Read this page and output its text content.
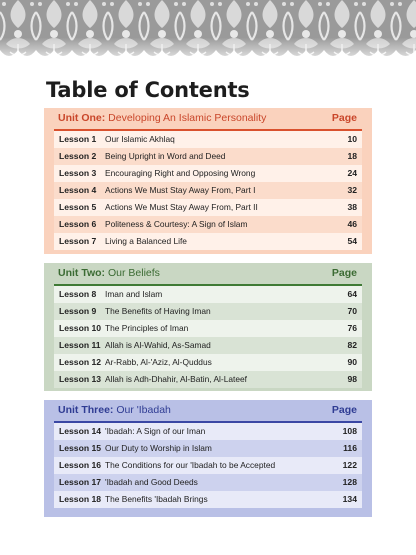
Table of Contents
Unit One: Developing An Islamic Personality	Page
Lesson 1 Our Islamic Akhlaq	10
Lesson 2 Being Upright in Word and Deed	18
Lesson 3 Encouraging Right and Opposing Wrong	24
Lesson 4 Actions We Must Stay Away From, Part I	32
Lesson 5 Actions We Must Stay Away From, Part II	38
Lesson 6 Politeness & Courtesy: A Sign of Islam	46
Lesson 7 Living a Balanced Life	54
Unit Two: Our Beliefs	Page
Lesson 8 Iman and Islam	64
Lesson 9 The Benefits of Having Iman	70
Lesson 10 The Principles of Iman	76
Lesson 11 Allah is Al-Wahid, As-Samad	82
Lesson 12 Ar-Rabb, Al-'Aziz, Al-Quddus	90
Lesson 13 Allah is Adh-Dhahir, Al-Batin, Al-Lateef	98
Unit Three: Our 'Ibadah	Page
Lesson 14 'Ibadah: A Sign of our Iman	108
Lesson 15 Our Duty to Worship in Islam	116
Lesson 16 The Conditions for our 'Ibadah to be Accepted	122
Lesson 17 'Ibadah and Good Deeds	128
Lesson 18 The Benefits 'Ibadah Brings	134
